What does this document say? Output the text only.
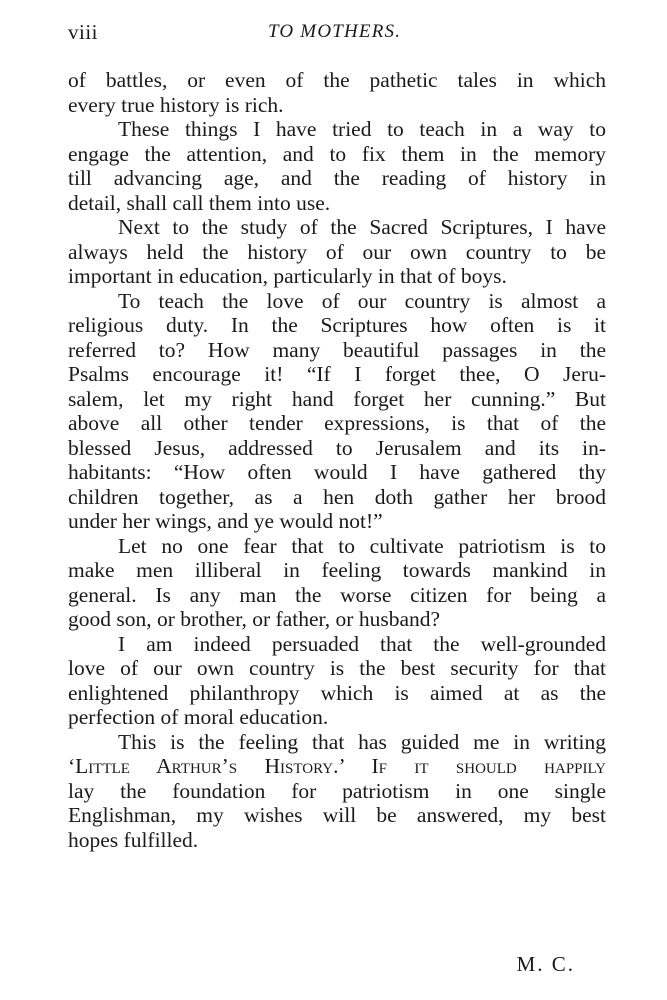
viii	TO MOTHERS.

of battles, or even of the pathetic tales in which
every true history is rich.

These things I have tried to teach in a way to
engage the attention, and to fix them in the memory
till advancing age, and the reading of history in
detail, shall call them into use.

Next to the study of the Sacred Scriptures, I have
always held the history of our own country to be
important in education, particularly in that of boys.

To teach the love of our country is almost a
religious duty. In the Scriptures how often is it
referred to? How many beautiful passages in the
Psalms encourage it! “If I forget thee, O Jeru-
salem, let my right hand forget her cunning.” But
above all other tender expressions, is that of the
blessed Jesus, addressed to Jerusalem and its in-
habitants: “How often would I have gathered thy
children together, as a hen doth gather her brood
under her wings, and ye would not!”

Let no one fear that to cultivate patriotism is to
make men illiberal in feeling towards mankind in
general. Is any man the worse citizen for being a
good son, or brother, or father, or husband?

I am indeed persuaded that the well-grounded
love of our own country is the best security for that
enlightened philanthropy which is aimed at as the
perfection of moral education.

This is the feeling that has guided me in writing
‘Little Arthur’s History.’ If it should happily
lay the foundation for patriotism in one single
Englishman, my wishes will be answered, my best
hopes fulfilled.

M. C.
